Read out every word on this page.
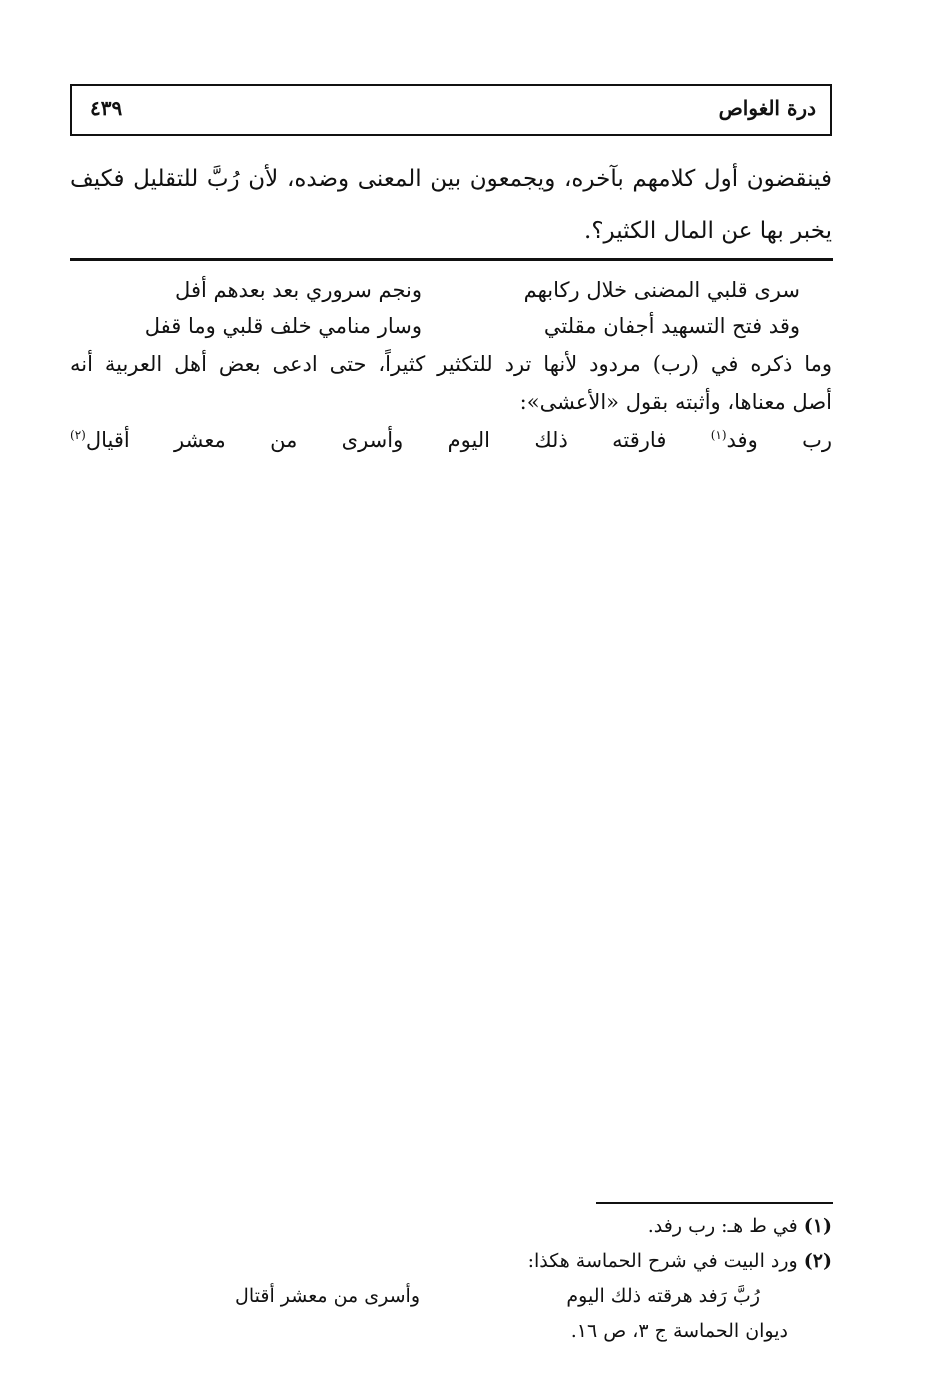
درة الغواص
٤٣٩
فينقضون أول كلامهم بآخره، ويجمعون بين المعنى وضده، لأن رُبَّ للتقليل فكيف
يخبر بها عن المال الكثير؟.
سرى قلبي المضنى خلال ركابهم
ونجم سروري بعد بعدهم أفل
وقد فتح التسهيد أجفان مقلتي
وسار منامي خلف قلبي وما قفل
وما ذكره في (رب) مردود لأنها ترد للتكثير كثيراً، حتى ادعى بعض أهل العربية أنه
أصل معناها، وأثبته بقول «الأعشى»:
رب وفد$^{(١)}$ فارقته ذلك اليوم وأسرى من معشر أقيال$^{(٢)}$
(١) في ط هـ: رب رفد.
(٢) ورد البيت في شرح الحماسة هكذا:
رُبَّ رَفد هرقته ذلك اليوم
وأسرى من معشر أقتال
ديوان الحماسة ج ٣، ص ١٦.
